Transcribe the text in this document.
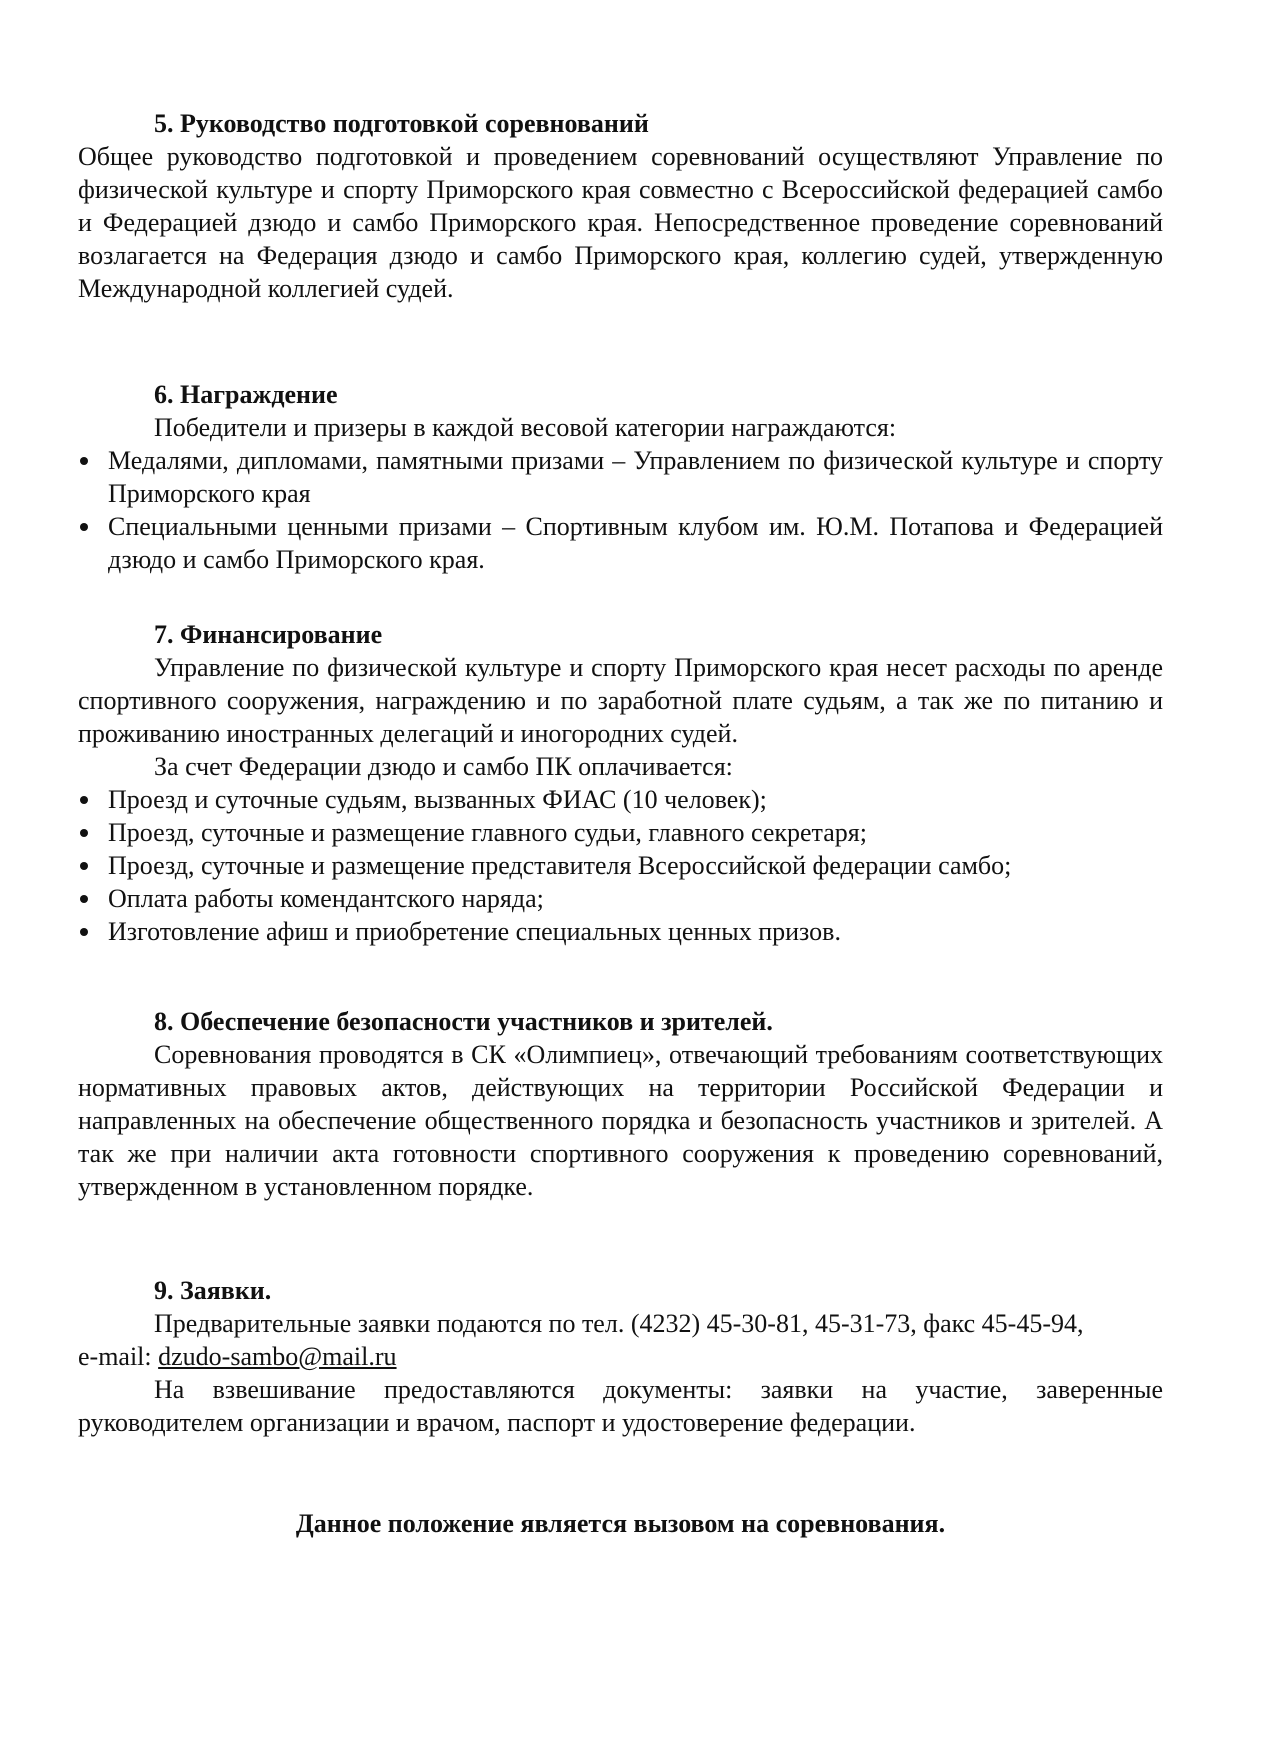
5. Руководство подготовкой соревнований

Общее руководство подготовкой и проведением соревнований осуществляют Управление по физической культуре и спорту Приморского края совместно с Всероссийской федерацией самбо и Федерацией дзюдо и самбо Приморского края. Непосредственное проведение соревнований возлагается на Федерация дзюдо и самбо Приморского края, коллегию судей, утвержденную Международной коллегией судей.

6. Награждение

Победители и призеры в каждой весовой категории награждаются:

Медалями, дипломами, памятными призами – Управлением по физической культуре и спорту Приморского края
Специальными ценными призами – Спортивным клубом им. Ю.М. Потапова и Федерацией дзюдо и самбо Приморского края.
7. Финансирование

Управление по физической культуре и спорту Приморского края несет расходы по аренде спортивного сооружения, награждению и по заработной плате судьям, а так же по питанию и проживанию иностранных делегаций и иногородних судей.

За счет Федерации дзюдо и самбо ПК оплачивается:

Проезд и суточные судьям, вызванных ФИАС (10 человек);
Проезд, суточные и размещение главного судьи, главного секретаря;
Проезд, суточные и размещение представителя Всероссийской федерации самбо;
Оплата работы комендантского наряда;
Изготовление афиш и приобретение специальных ценных призов.
8. Обеспечение безопасности участников и зрителей.

Соревнования проводятся в СК «Олимпиец», отвечающий требованиям соответствующих нормативных правовых актов, действующих на территории Российской Федерации и направленных на обеспечение общественного порядка и безопасность участников и зрителей. А так же при наличии акта готовности спортивного сооружения к проведению соревнований, утвержденном в установленном порядке.

9. Заявки.

Предварительные заявки подаются по тел. (4232) 45-30-81, 45-31-73, факс 45-45-94,

e-mail: dzudo-sambo@mail.ru

На взвешивание предоставляются документы: заявки на участие, заверенные руководителем организации и врачом, паспорт и удостоверение федерации.

Данное положение является вызовом на соревнования.
